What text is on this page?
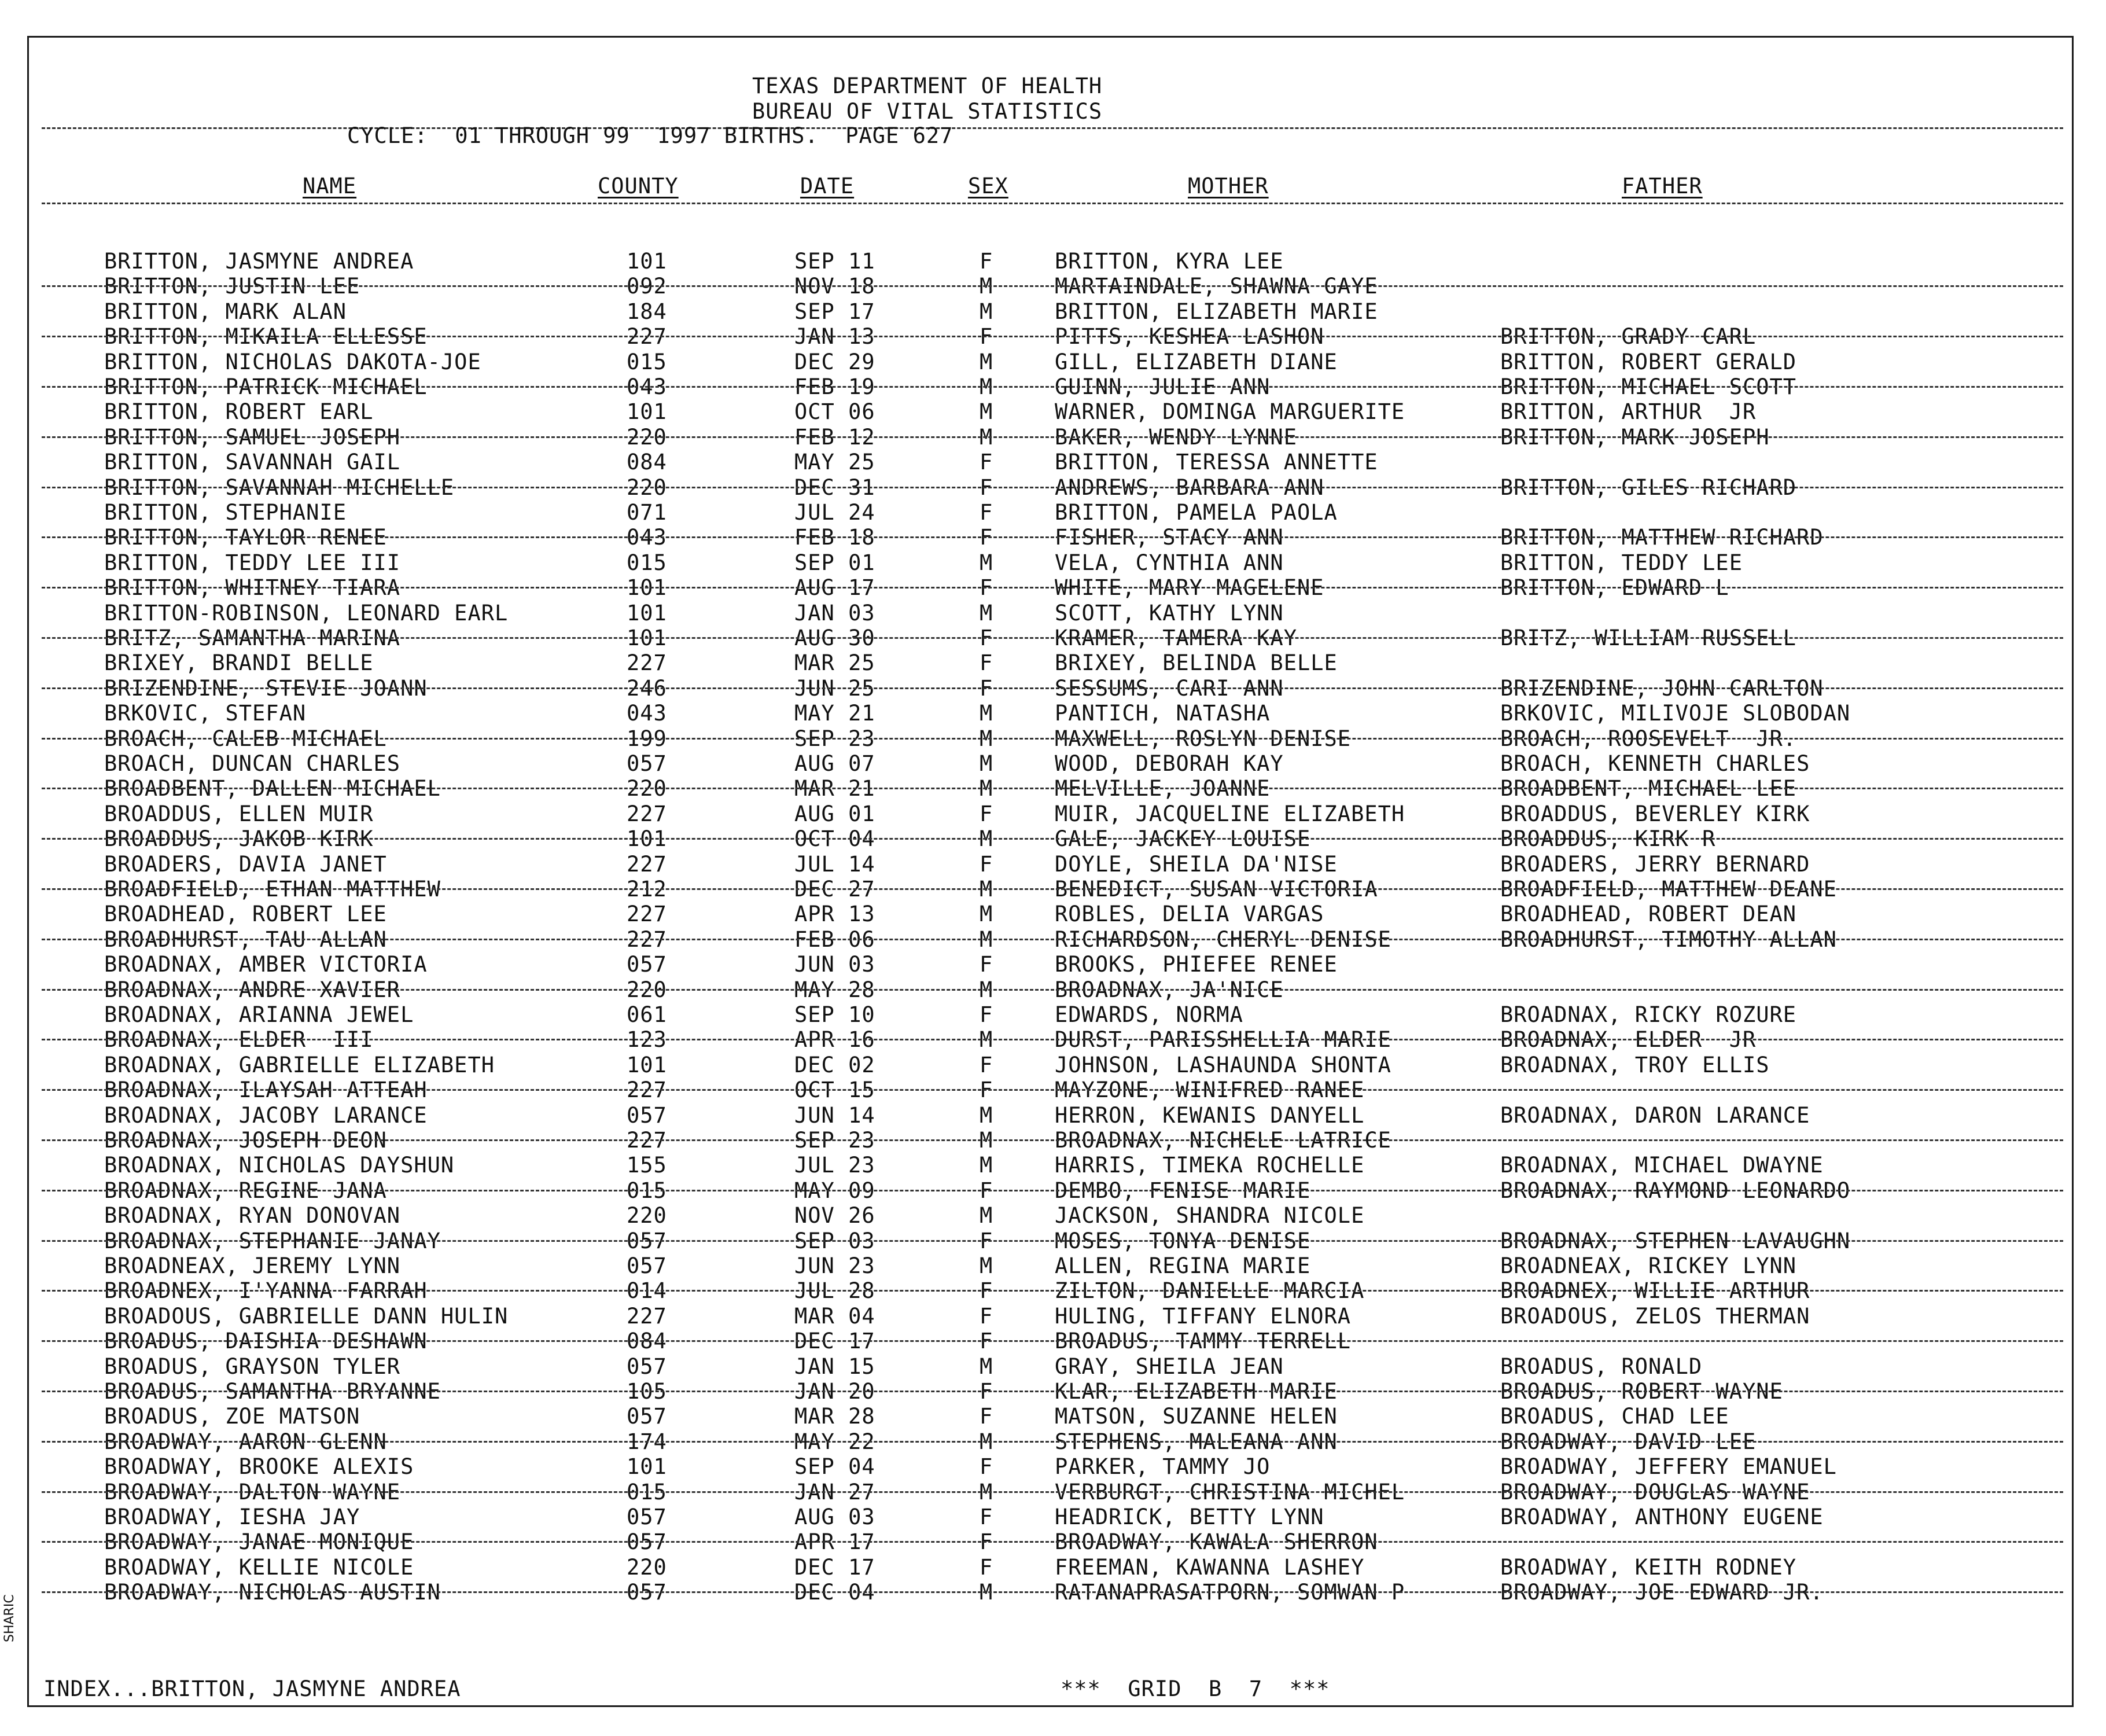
TEXAS DEPARTMENT OF HEALTH
BUREAU OF VITAL STATISTICS
CYCLE:  01 THROUGH 99  1997 BIRTHS.  PAGE 627
NAME	COUNTY	DATE	SEX	MOTHER	FATHER
BRITTON, JASMYNE ANDREA	101	SEP 11	F	BRITTON, KYRA LEE
BRITTON, JUSTIN LEE	092	NOV 18	M	MARTAINDALE, SHAWNA GAYE
BRITTON, MARK ALAN	184	SEP 17	M	BRITTON, ELIZABETH MARIE
BRITTON, MIKAILA ELLESSE	227	JAN 13	F	PITTS, KESHEA LASHON	BRITTON, GRADY CARL
BRITTON, NICHOLAS DAKOTA-JOE	015	DEC 29	M	GILL, ELIZABETH DIANE	BRITTON, ROBERT GERALD
BRITTON, PATRICK MICHAEL	043	FEB 19	M	GUINN, JULIE ANN	BRITTON, MICHAEL SCOTT
BRITTON, ROBERT EARL	101	OCT 06	M	WARNER, DOMINGA MARGUERITE	BRITTON, ARTHUR  JR
BRITTON, SAMUEL JOSEPH	220	FEB 12	M	BAKER, WENDY LYNNE	BRITTON, MARK JOSEPH
BRITTON, SAVANNAH GAIL	084	MAY 25	F	BRITTON, TERESSA ANNETTE
BRITTON, SAVANNAH MICHELLE	220	DEC 31	F	ANDREWS, BARBARA ANN	BRITTON, GILES RICHARD
BRITTON, STEPHANIE	071	JUL 24	F	BRITTON, PAMELA PAOLA
BRITTON, TAYLOR RENEE	043	FEB 18	F	FISHER, STACY ANN	BRITTON, MATTHEW RICHARD
BRITTON, TEDDY LEE III	015	SEP 01	M	VELA, CYNTHIA ANN	BRITTON, TEDDY LEE
BRITTON, WHITNEY TIARA	101	AUG 17	F	WHITE, MARY MAGELENE	BRITTON, EDWARD L
BRITTON-ROBINSON, LEONARD EARL	101	JAN 03	M	SCOTT, KATHY LYNN
BRITZ, SAMANTHA MARINA	101	AUG 30	F	KRAMER, TAMERA KAY	BRITZ, WILLIAM RUSSELL
BRIXEY, BRANDI BELLE	227	MAR 25	F	BRIXEY, BELINDA BELLE
BRIZENDINE, STEVIE JOANN	246	JUN 25	F	SESSUMS, CARI ANN	BRIZENDINE, JOHN CARLTON
BRKOVIC, STEFAN	043	MAY 21	M	PANTICH, NATASHA	BRKOVIC, MILIVOJE SLOBODAN
BROACH, CALEB MICHAEL	199	SEP 23	M	MAXWELL, ROSLYN DENISE	BROACH, ROOSEVELT  JR.
BROACH, DUNCAN CHARLES	057	AUG 07	M	WOOD, DEBORAH KAY	BROACH, KENNETH CHARLES
BROADBENT, DALLEN MICHAEL	220	MAR 21	M	MELVILLE, JOANNE	BROADBENT, MICHAEL LEE
BROADDUS, ELLEN MUIR	227	AUG 01	F	MUIR, JACQUELINE ELIZABETH	BROADDUS, BEVERLEY KIRK
BROADDUS, JAKOB KIRK	101	OCT 04	M	GALE, JACKEY LOUISE	BROADDUS, KIRK R
BROADERS, DAVIA JANET	227	JUL 14	F	DOYLE, SHEILA DA'NISE	BROADERS, JERRY BERNARD
BROADFIELD, ETHAN MATTHEW	212	DEC 27	M	BENEDICT, SUSAN VICTORIA	BROADFIELD, MATTHEW DEANE
BROADHEAD, ROBERT LEE	227	APR 13	M	ROBLES, DELIA VARGAS	BROADHEAD, ROBERT DEAN
BROADHURST, TAU ALLAN	227	FEB 06	M	RICHARDSON, CHERYL DENISE	BROADHURST, TIMOTHY ALLAN
BROADNAX, AMBER VICTORIA	057	JUN 03	F	BROOKS, PHIEFEE RENEE
BROADNAX, ANDRE XAVIER	220	MAY 28	M	BROADNAX, JA'NICE
BROADNAX, ARIANNA JEWEL	061	SEP 10	F	EDWARDS, NORMA	BROADNAX, RICKY ROZURE
BROADNAX, ELDER  III	123	APR 16	M	DURST, PARISSHELLIA MARIE	BROADNAX, ELDER  JR
BROADNAX, GABRIELLE ELIZABETH	101	DEC 02	F	JOHNSON, LASHAUNDA SHONTA	BROADNAX, TROY ELLIS
BROADNAX, ILAYSAH ATTEAH	227	OCT 15	F	MAYZONE, WINIFRED RANEE
BROADNAX, JACOBY LARANCE	057	JUN 14	M	HERRON, KEWANIS DANYELL	BROADNAX, DARON LARANCE
BROADNAX, JOSEPH DEON	227	SEP 23	M	BROADNAX, NICHELE LATRICE
BROADNAX, NICHOLAS DAYSHUN	155	JUL 23	M	HARRIS, TIMEKA ROCHELLE	BROADNAX, MICHAEL DWAYNE
BROADNAX, REGINE JANA	015	MAY 09	F	DEMBO, FENISE MARIE	BROADNAX, RAYMOND LEONARDO
BROADNAX, RYAN DONOVAN	220	NOV 26	M	JACKSON, SHANDRA NICOLE
BROADNAX, STEPHANIE JANAY	057	SEP 03	F	MOSES, TONYA DENISE	BROADNAX, STEPHEN LAVAUGHN
BROADNEAX, JEREMY LYNN	057	JUN 23	M	ALLEN, REGINA MARIE	BROADNEAX, RICKEY LYNN
BROADNEX, I'YANNA FARRAH	014	JUL 28	F	ZILTON, DANIELLE MARCIA	BROADNEX, WILLIE ARTHUR
BROADOUS, GABRIELLE DANN HULIN	227	MAR 04	F	HULING, TIFFANY ELNORA	BROADOUS, ZELOS THERMAN
BROADUS, DAISHIA DESHAWN	084	DEC 17	F	BROADUS, TAMMY TERRELL
BROADUS, GRAYSON TYLER	057	JAN 15	M	GRAY, SHEILA JEAN	BROADUS, RONALD
BROADUS, SAMANTHA BRYANNE	105	JAN 20	F	KLAR, ELIZABETH MARIE	BROADUS, ROBERT WAYNE
BROADUS, ZOE MATSON	057	MAR 28	F	MATSON, SUZANNE HELEN	BROADUS, CHAD LEE
BROADWAY, AARON GLENN	174	MAY 22	M	STEPHENS, MALEANA ANN	BROADWAY, DAVID LEE
BROADWAY, BROOKE ALEXIS	101	SEP 04	F	PARKER, TAMMY JO	BROADWAY, JEFFERY EMANUEL
BROADWAY, DALTON WAYNE	015	JAN 27	M	VERBURGT, CHRISTINA MICHEL	BROADWAY, DOUGLAS WAYNE
BROADWAY, IESHA JAY	057	AUG 03	F	HEADRICK, BETTY LYNN	BROADWAY, ANTHONY EUGENE
BROADWAY, JANAE MONIQUE	057	APR 17	F	BROADWAY, KAWALA SHERRON
BROADWAY, KELLIE NICOLE	220	DEC 17	F	FREEMAN, KAWANNA LASHEY	BROADWAY, KEITH RODNEY
BROADWAY, NICHOLAS AUSTIN	057	DEC 04	M	RATANAPRASATPORN, SOMWAN P	BROADWAY, JOE EDWARD JR.
INDEX...BRITTON, JASMYNE ANDREA	***  GRID  B  7  ***
SHARIC
